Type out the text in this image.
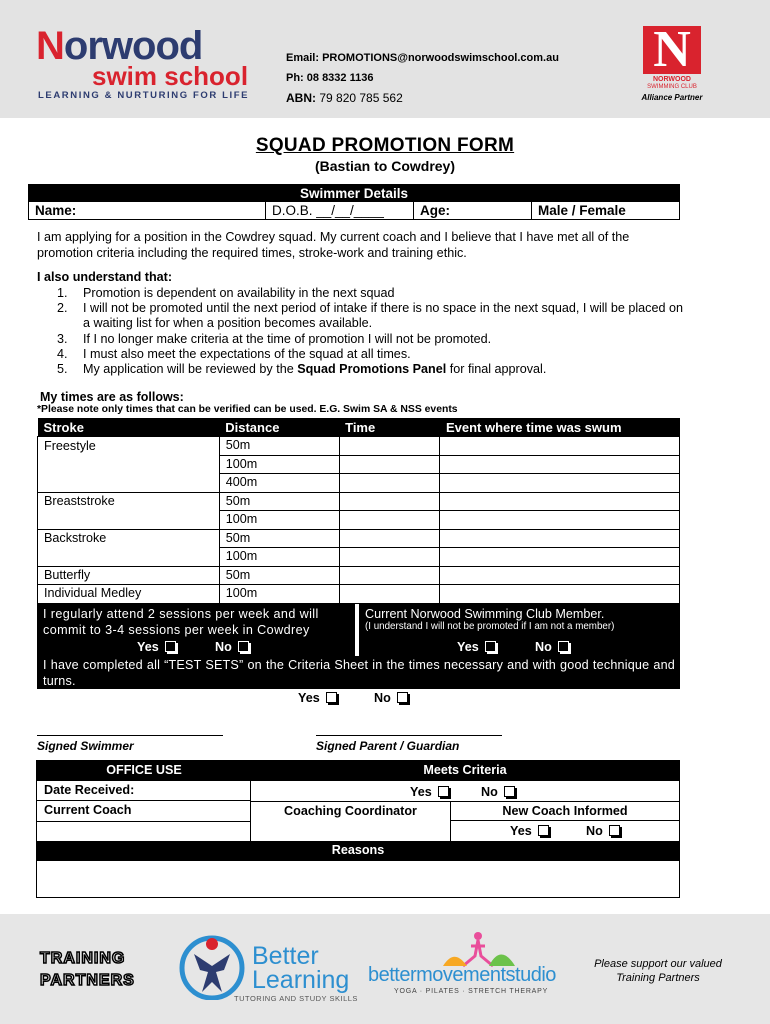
Norwood
swim school
LEARNING & NURTURING FOR LIFE
Email: PROMOTIONS@norwoodswimschool.com.au
Ph: 08 8332 1136
ABN: 79 820 785 562
N
NORWOOD
SWIMMING CLUB
Alliance Partner
SQUAD PROMOTION FORM
(Bastian to Cowdrey)
Swimmer Details
Name:	D.O.B. __/__/____	Age:	Male / Female
I am applying for a position in the Cowdrey squad. My current coach and I believe that I have met all of the promotion criteria including the required times, stroke-work and training ethic.
I also understand that:
1. Promotion is dependent on availability in the next squad
2. I will not be promoted until the next period of intake if there is no space in the next squad, I will be placed on a waiting list for when a position becomes available.
3. If I no longer make criteria at the time of promotion I will not be promoted.
4. I must also meet the expectations of the squad at all times.
5. My application will be reviewed by the Squad Promotions Panel for final approval.
My times are as follows:
*Please note only times that can be verified can be used. E.G. Swim SA & NSS events
Stroke	Distance	Time	Event where time was swum
Freestyle	50m		
	100m		
	400m		
Breaststroke	50m		
	100m		
Backstroke	50m		
	100m		
Butterfly	50m		
Individual Medley	100m		
I regularly attend 2 sessions per week and will commit to 3-4 sessions per week in Cowdrey
Yes	No
Current Norwood Swimming Club Member.
(I understand I will not be promoted if I am not a member)
Yes	No
I have completed all “TEST SETS” on the Criteria Sheet in the times necessary and with good technique and turns.
Yes	No
Signed Swimmer	Signed Parent / Guardian
OFFICE USE	Meets Criteria
Date Received:	Yes	No
Current Coach	Coaching Coordinator	New Coach Informed
Yes	No
Reasons
TRAINING
PARTNERS
Better
Learning
TUTORING AND STUDY SKILLS
bettermovementstudio
YOGA · PILATES · STRETCH THERAPY
Please support our valued Training Partners
